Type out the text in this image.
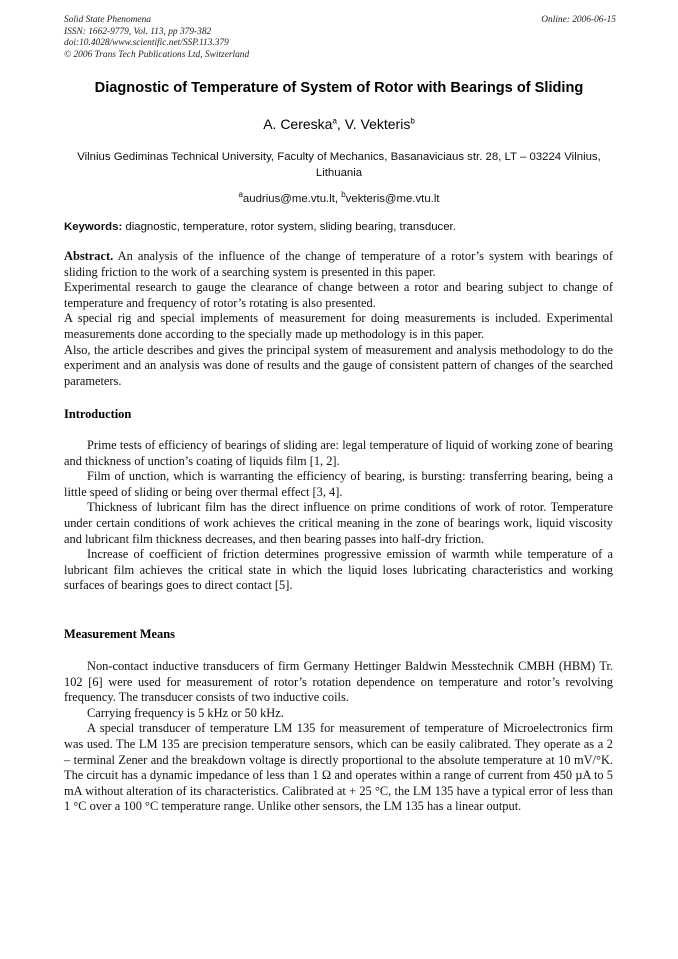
Solid State Phenomena
ISSN: 1662-9779, Vol. 113, pp 379-382
doi:10.4028/www.scientific.net/SSP.113.379
© 2006 Trans Tech Publications Ltd, Switzerland
Online: 2006-06-15
Diagnostic of Temperature of System of Rotor with Bearings of Sliding
A. Cereska$^a$, V. Vekteris$^b$
Vilnius Gediminas Technical University, Faculty of Mechanics, Basanaviciaus str. 28, LT – 03224 Vilnius, Lithuania
$^a$audrius@me.vtu.lt, $^b$vekteris@me.vtu.lt
Keywords: diagnostic, temperature, rotor system, sliding bearing, transducer.

Abstract. An analysis of the influence of the change of temperature of a rotor’s system with bearings of sliding friction to the work of a searching system is presented in this paper.

Experimental research to gauge the clearance of change between a rotor and bearing subject to change of temperature and frequency of rotor’s rotating is also presented.

A special rig and special implements of measurement for doing measurements is included. Experimental measurements done according to the specially made up methodology is in this paper.

Also, the article describes and gives the principal system of measurement and analysis methodology to do the experiment and an analysis was done of results and the gauge of consistent pattern of changes of the searched parameters.

Introduction

Prime tests of efficiency of bearings of sliding are: legal temperature of liquid of working zone of bearing and thickness of unction’s coating of liquids film [1, 2].

Film of unction, which is warranting the efficiency of bearing, is bursting: transferring bearing, being a little speed of sliding or being over thermal effect [3, 4].

Thickness of lubricant film has the direct influence on prime conditions of work of rotor. Temperature under certain conditions of work achieves the critical meaning in the zone of bearings work, liquid viscosity and lubricant film thickness decreases, and then bearing passes into half-dry friction.

Increase of coefficient of friction determines progressive emission of warmth while temperature of a lubricant film achieves the critical state in which the liquid loses lubricating characteristics and working surfaces of bearings goes to direct contact [5].

Measurement Means

Non-contact inductive transducers of firm Germany Hettinger Baldwin Messtechnik CMBH (HBM) Tr. 102 [6] were used for measurement of rotor’s rotation dependence on temperature and rotor’s revolving frequency. The transducer consists of two inductive coils.

Carrying frequency is 5 kHz or 50 kHz.

A special transducer of temperature LM 135 for measurement of temperature of Microelectronics firm was used. The LM 135 are precision temperature sensors, which can be easily calibrated. They operate as a 2 – terminal Zener and the breakdown voltage is directly proportional to the absolute temperature at 10 mV/°K. The circuit has a dynamic impedance of less than 1 Ω and operates within a range of current from 450 µA to 5 mA without alteration of its characteristics. Calibrated at + 25 °C, the LM 135 have a typical error of less than 1 °C over a 100 °C temperature range. Unlike other sensors, the LM 135 has a linear output.
